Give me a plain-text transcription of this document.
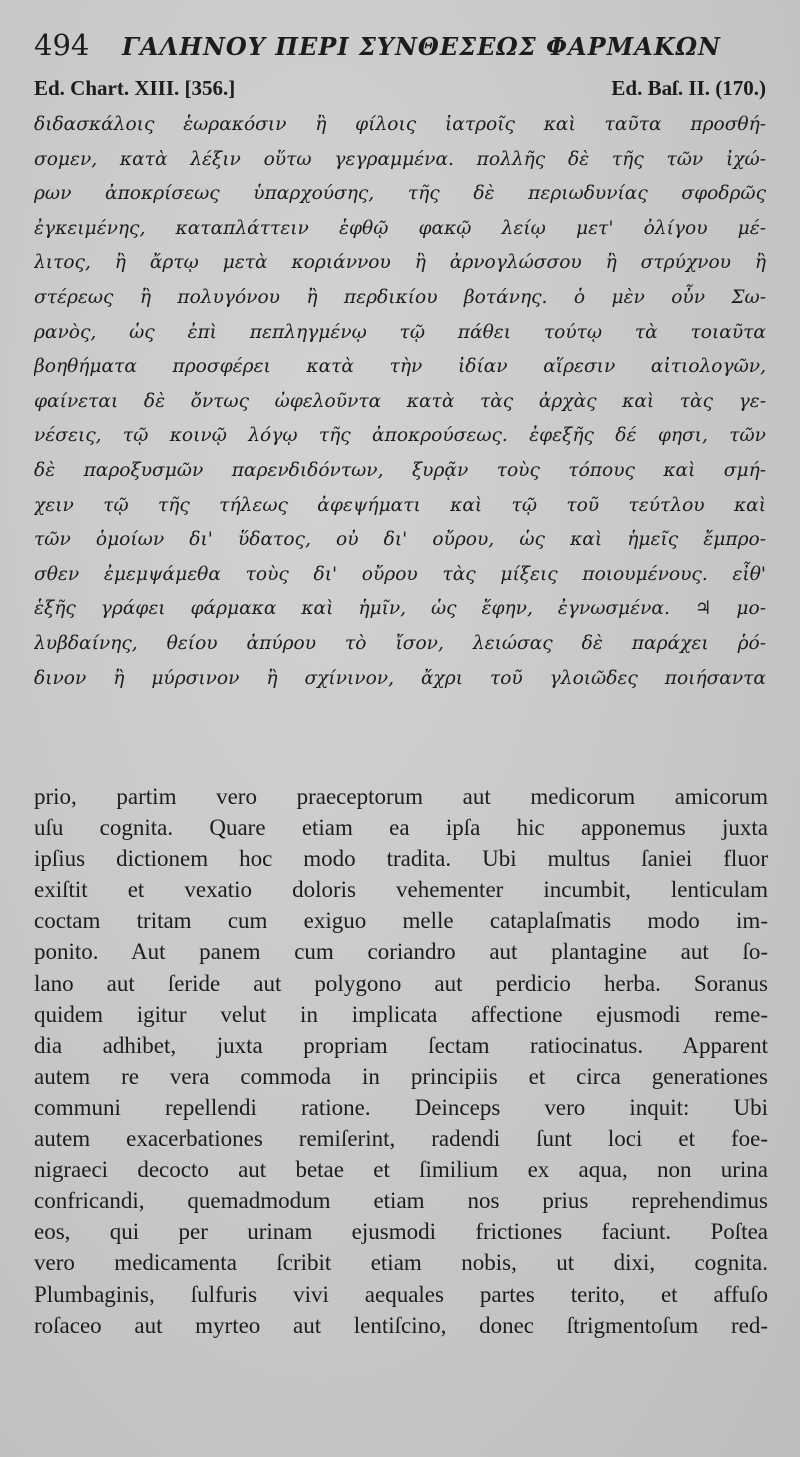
494	ΓΑΛΗΝΟΥ ΠΕΡΙ ΣΥΝΘΕΣΕΩΣ ΦΑΡΜΑΚΩΝ
Ed. Chart. XIII. [356.]	Ed. Baſ. II. (170.)
διδασκάλοις ἑωρακόσιν ἢ φίλοις ἰατροῖς καὶ ταῦτα προσθή-
σομεν, κατὰ λέξιν οὕτω γεγραμμένα. πολλῆς δὲ τῆς τῶν ἰχώ-
ρων ἀποκρίσεως ὑπαρχούσης, τῆς δὲ περιωδυνίας σφοδρῶς
ἐγκειμένης, καταπλάττειν ἑφθῷ φακῷ λείῳ μετ' ὀλίγου μέ-
λιτος, ἢ ἄρτῳ μετὰ κοριάννου ἢ ἀρνογλώσσου ἢ στρύχνου ἢ
στέρεως ἢ πολυγόνου ἢ περδικίου βοτάνης. ὁ μὲν οὖν Σω-
ρανὸς, ὡς ἐπὶ πεπληγμένῳ τῷ πάθει τούτῳ τὰ τοιαῦτα
βοηθήματα προσφέρει κατὰ τὴν ἰδίαν αἵρεσιν αἰτιολογῶν,
φαίνεται δὲ ὄντως ὠφελοῦντα κατὰ τὰς ἀρχὰς καὶ τὰς γε-
νέσεις, τῷ κοινῷ λόγῳ τῆς ἀποκρούσεως. ἐφεξῆς δέ φησι, τῶν
δὲ παροξυσμῶν παρενδιδόντων, ξυρᾷν τοὺς τόπους καὶ σμή-
χειν τῷ τῆς τήλεως ἀφεψήματι καὶ τῷ τοῦ τεύτλου καὶ
τῶν ὁμοίων δι' ὕδατος, οὐ δι' οὔρου, ὡς καὶ ἡμεῖς ἔμπρο-
σθεν ἐμεμψάμεθα τοὺς δι' οὔρου τὰς μίξεις ποιουμένους. εἶθ'
ἑξῆς γράφει φάρμακα καὶ ἡμῖν, ὡς ἔφην, ἐγνωσμένα. ♃ μο-
λυβδαίνης, θείου ἀπύρου τὸ ἴσον, λειώσας δὲ παράχει ῥό-
δινον ἢ μύρσινον ἢ σχίνινον, ἄχρι τοῦ γλοιῶδες ποιήσαντα
prio, partim vero praeceptorum aut medicorum amicorum
uſu cognita. Quare etiam ea ipſa hic apponemus juxta
ipſius dictionem hoc modo tradita. Ubi multus ſaniei fluor
exiſtit et vexatio doloris vehementer incumbit, lenticulam
coctam tritam cum exiguo melle cataplaſmatis modo im-
ponito. Aut panem cum coriandro aut plantagine aut ſo-
lano aut ſeride aut polygono aut perdicio herba. Soranus
quidem igitur velut in implicata affectione ejusmodi reme-
dia adhibet, juxta propriam ſectam ratiocinatus. Apparent
autem re vera commoda in principiis et circa generationes
communi repellendi ratione. Deinceps vero inquit: Ubi
autem exacerbationes remiſerint, radendi ſunt loci et foe-
nigraeci decocto aut betae et ſimilium ex aqua, non urina
confricandi, quemadmodum etiam nos prius reprehendimus
eos, qui per urinam ejusmodi frictiones faciunt. Poſtea
vero medicamenta ſcribit etiam nobis, ut dixi, cognita.
Plumbaginis, ſulfuris vivi aequales partes terito, et affuſo
roſaceo aut myrteo aut lentiſcino, donec ſtrigmentoſum red-
